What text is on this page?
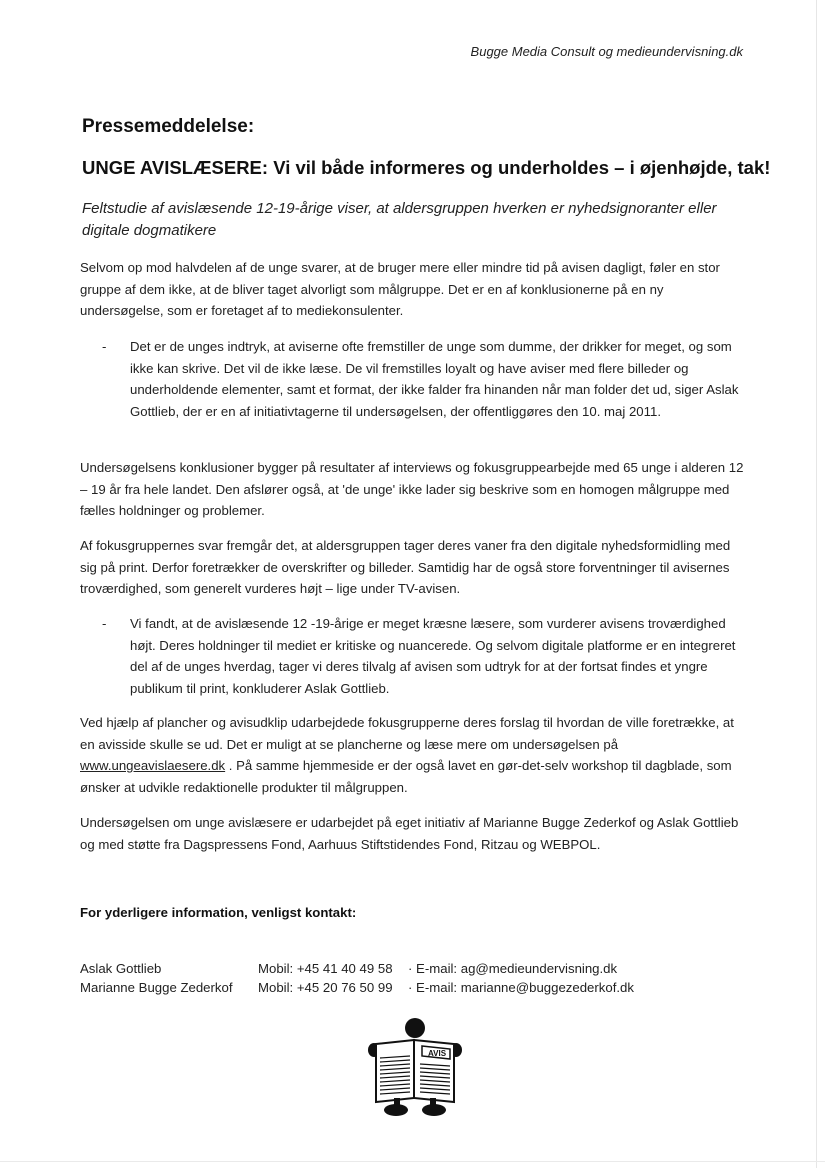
Bugge Media Consult og medieundervisning.dk
Pressemeddelelse:
UNGE AVISLÆSERE: Vi vil både informeres og underholdes – i øjenhøjde, tak!
Feltstudie af avislæsende 12-19-årige viser, at aldersgruppen hverken er nyhedsignoranter eller digitale dogmatikere

Selvom op mod halvdelen af de unge svarer, at de bruger mere eller mindre tid på avisen dagligt, føler en stor gruppe af dem ikke, at de bliver taget alvorligt som målgruppe. Det er en af konklusionerne på en ny undersøgelse, som er foretaget af to mediekonsulenter.

- Det er de unges indtryk, at aviserne ofte fremstiller de unge som dumme, der drikker for meget, og som ikke kan skrive. Det vil de ikke læse. De vil fremstilles loyalt og have aviser med flere billeder og underholdende elementer, samt et format, der ikke falder fra hinanden når man folder det ud, siger Aslak Gottlieb, der er en af initiativtagerne til undersøgelsen, der offentliggøres den 10. maj 2011.

Undersøgelsens konklusioner bygger på resultater af interviews og fokusgruppearbejde med 65 unge i alderen 12 – 19 år fra hele landet. Den afslører også, at 'de unge' ikke lader sig beskrive som en homogen målgruppe med fælles holdninger og problemer.

Af fokusgruppernes svar fremgår det, at aldersgruppen tager deres vaner fra den digitale nyhedsformidling med sig på print. Derfor foretrækker de overskrifter og billeder. Samtidig har de også store forventninger til avisernes troværdighed, som generelt vurderes højt – lige under TV-avisen.

- Vi fandt, at de avislæsende 12 -19-årige er meget kræsne læsere, som vurderer avisens troværdighed højt. Deres holdninger til mediet er kritiske og nuancerede. Og selvom digitale platforme er en integreret del af de unges hverdag, tager vi deres tilvalg af avisen som udtryk for at der fortsat findes et yngre publikum til print, konkluderer Aslak Gottlieb.

Ved hjælp af plancher og avisudklip udarbejdede fokusgrupperne deres forslag til hvordan de ville foretrække, at en avisside skulle se ud. Det er muligt at se plancherne og læse mere om undersøgelsen på www.ungeavislaesere.dk . På samme hjemmeside er der også lavet en gør-det-selv workshop til dagblade, som ønsker at udvikle redaktionelle produkter til målgruppen.

Undersøgelsen om unge avislæsere er udarbejdet på eget initiativ af Marianne Bugge Zederkof og Aslak Gottlieb og med støtte fra Dagspressens Fond, Aarhuus Stiftstidendes Fond, Ritzau og WEBPOL.

For yderligere information, venligst kontakt:
Aslak Gottlieb	Mobil: +45 41 40 49 58 · E-mail: ag@medieundervisning.dk
Marianne Bugge Zederkof Mobil: +45 20 76 50 99 · E-mail: marianne@buggezederkof.dk
AVIS
